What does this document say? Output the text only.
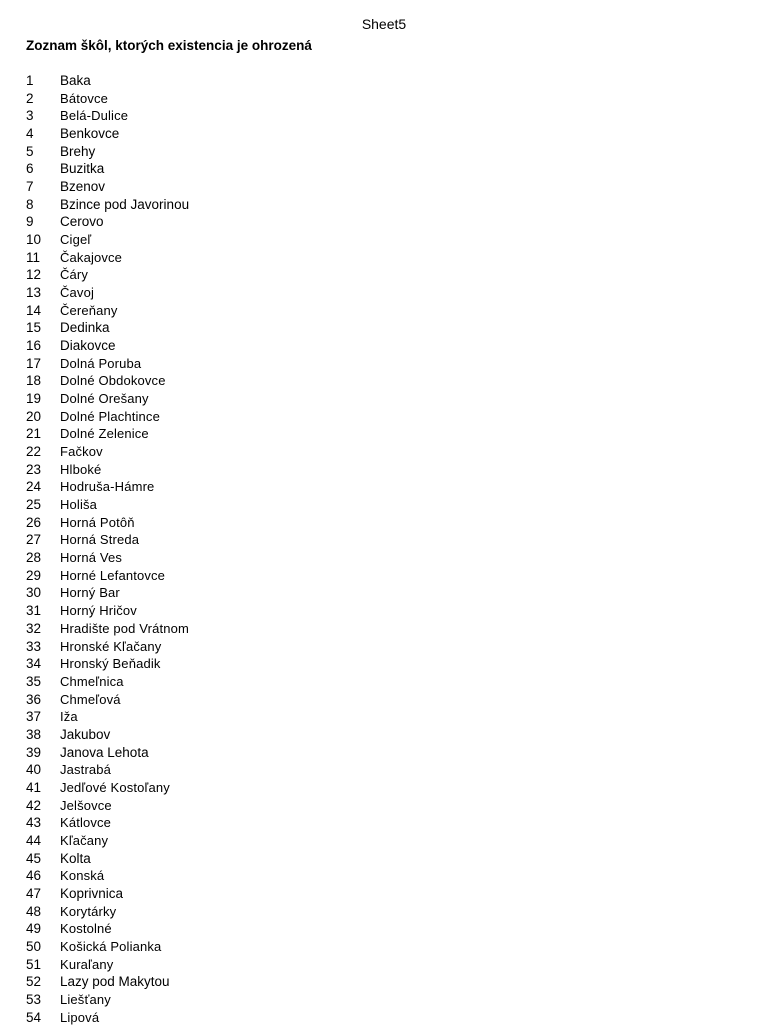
Sheet5
Zoznam škôl, ktorých existencia je ohrozená
1 Baka
2 Bátovce
3 Belá-Dulice
4 Benkovce
5 Brehy
6 Buzitka
7 Bzenov
8 Bzince pod Javorinou
9 Cerovo
10 Cigeľ
11 Čakajovce
12 Čáry
13 Čavoj
14 Čereňany
15 Dedinka
16 Diakovce
17 Dolná Poruba
18 Dolné Obdokovce
19 Dolné Orešany
20 Dolné Plachtince
21 Dolné Zelenice
22 Fačkov
23 Hlboké
24 Hodruša-Hámre
25 Holiša
26 Horná Potôň
27 Horná Streda
28 Horná Ves
29 Horné Lefantovce
30 Horný Bar
31 Horný Hričov
32 Hradište pod Vrátnom
33 Hronské Kľačany
34 Hronský Beňadik
35 Chmeľnica
36 Chmeľová
37 Iža
38 Jakubov
39 Janova Lehota
40 Jastrabá
41 Jedľové Kostoľany
42 Jelšovce
43 Kátlovce
44 Kľačany
45 Kolta
46 Konská
47 Koprivnica
48 Korytárky
49 Kostolné
50 Košická Polianka
51 Kuraľany
52 Lazy pod Makytou
53 Liešťany
54 Lipová
